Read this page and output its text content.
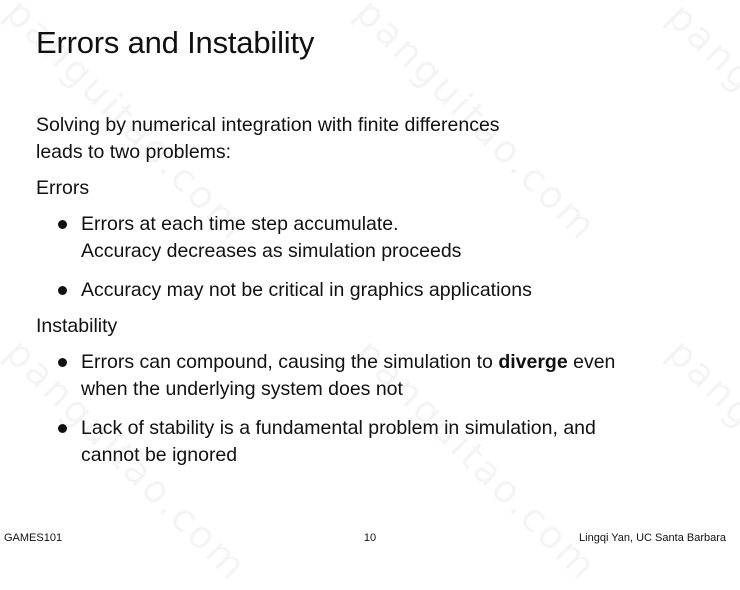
Errors and Instability

Solving by numerical integration with finite differences
leads to two problems:

Errors

Errors at each time step accumulate.
Accuracy decreases as simulation proceeds
Accuracy may not be critical in graphics applications

Instability

Errors can compound, causing the simulation to diverge even
when the underlying system does not
Lack of stability is a fundamental problem in simulation, and
cannot be ignored
10
GAMES101	Lingqi Yan, UC Santa Barbara
